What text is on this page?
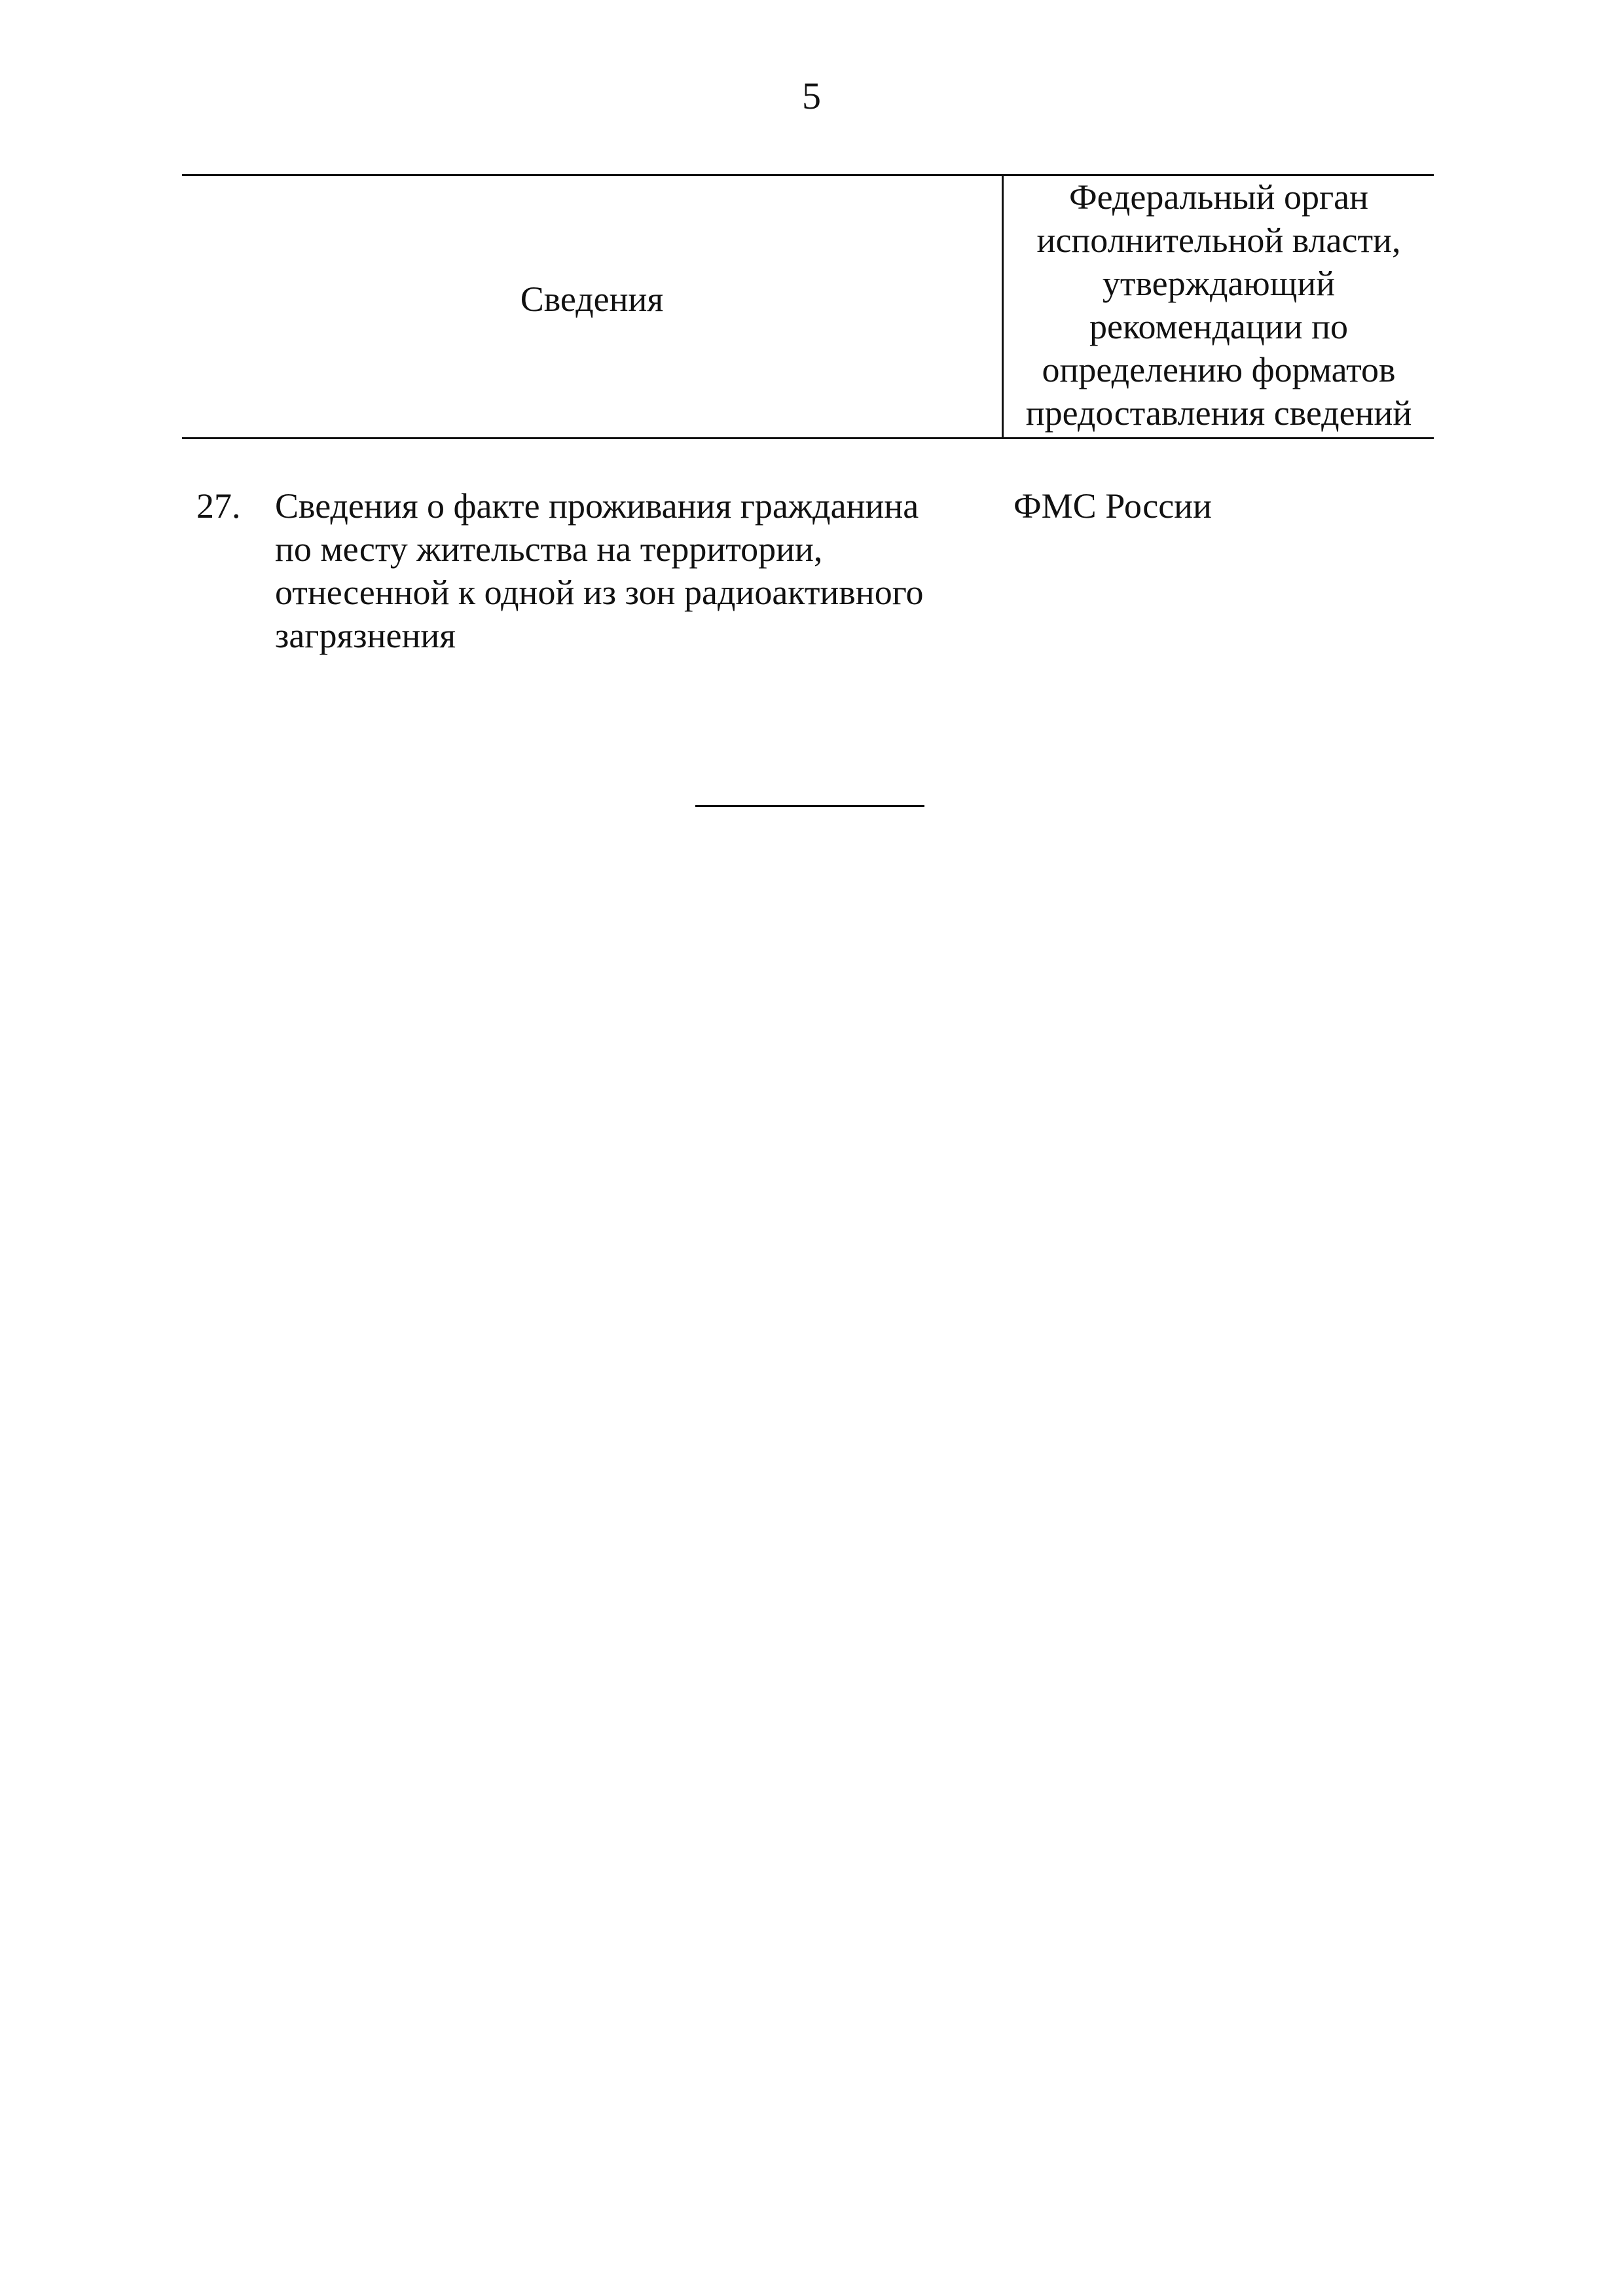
5
Сведения
Федеральный орган
исполнительной власти,
утверждающий
рекомендации по
определению форматов
предоставления сведений
27. Сведения о факте проживания гражданина
по месту жительства на территории,
отнесенной к одной из зон радиоактивного
загрязнения
ФМС России
